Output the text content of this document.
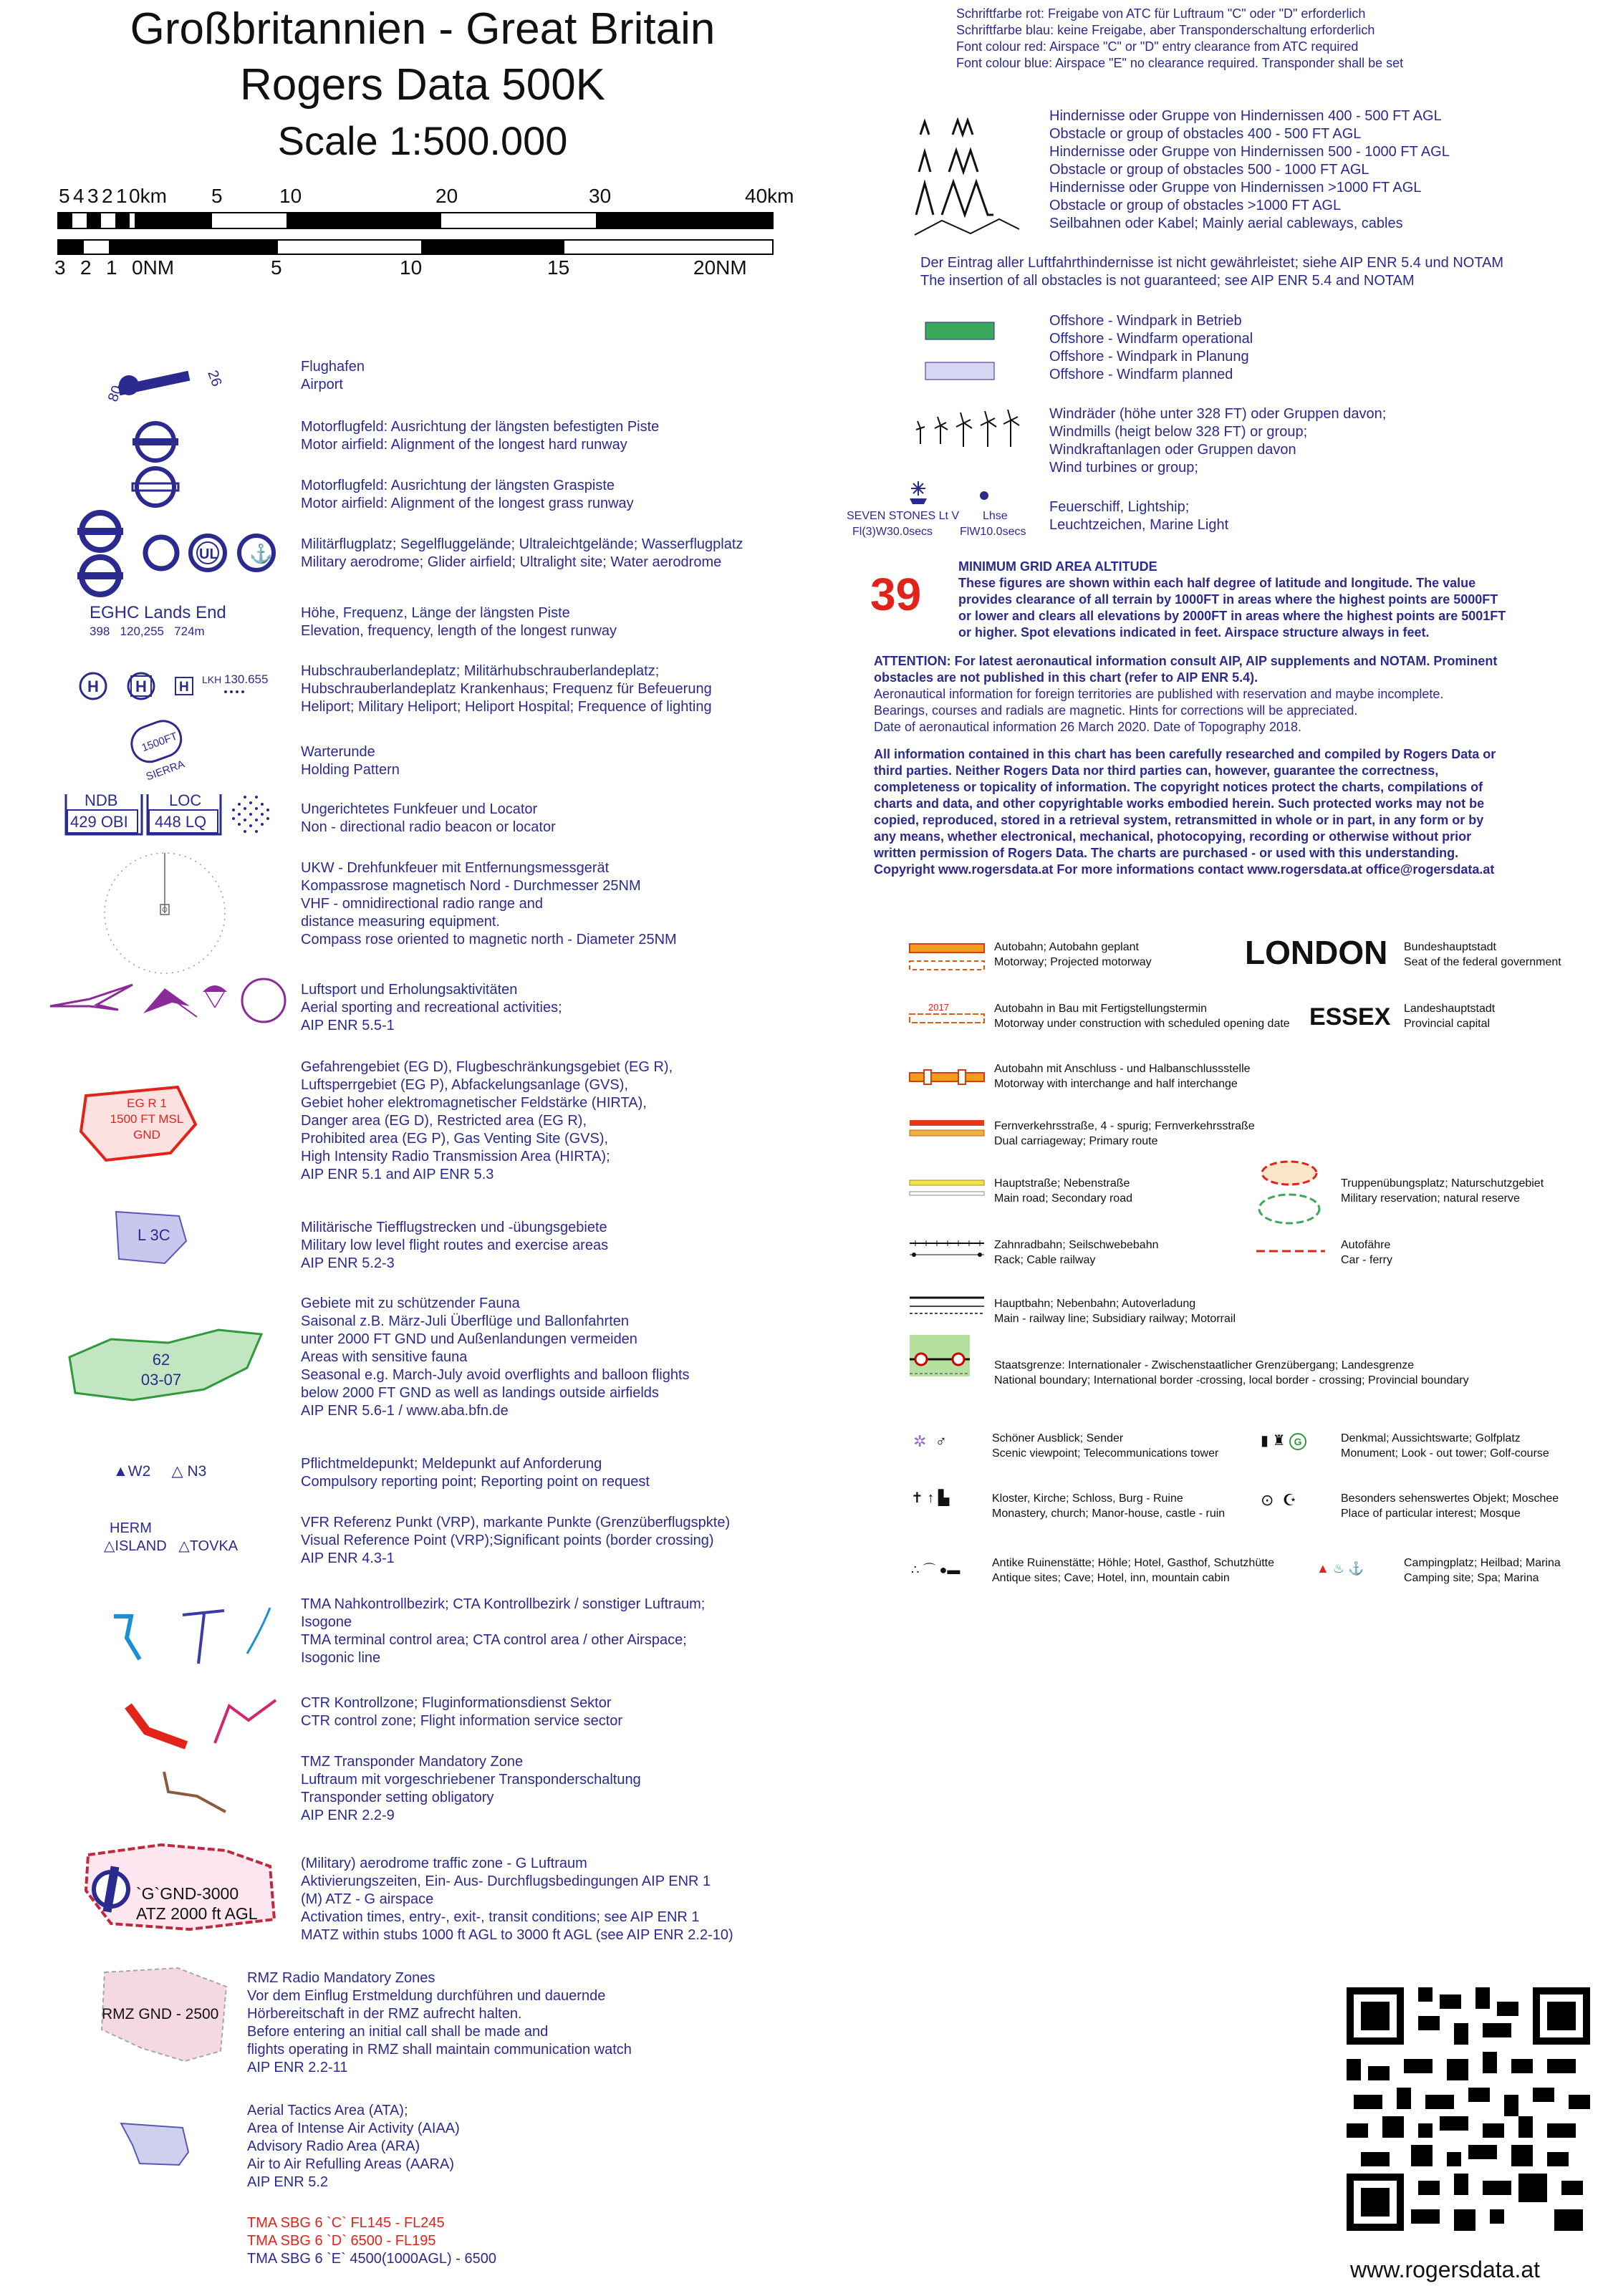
Großbritannien - Great Britain
Rogers Data 500K
Scale 1:500.000
5 4 3 2 1 0km 5	10	20	30	40km
3 2 1 0NM	5	10	15	20NM
80
26
Flughafen
Airport
Motorflugfeld: Ausrichtung der längsten befestigten Piste
Motor airfield: Alignment of the longest hard runway
Motorflugfeld: Ausrichtung der längsten Graspiste
Motor airfield: Alignment of the longest grass runway
UL ⚓ Militärflugplatz; Segelfluggelände; Ultraleichtgelände; Wasserflugplatz
Military aerodrome; Glider airfield; Ultralight site; Water aerodrome
EGHC Lands End
398 120,255 724m
Höhe, Frequenz, Länge der längsten Piste
Elevation, frequency, length of the longest runway
H H H LKH 130.655
Hubschrauberlandeplatz; Militärhubschrauberlandeplatz;
Hubschrauberlandeplatz Krankenhaus; Frequenz für Befeuerung
Heliport; Military Heliport; Heliport Hospital; Frequence of lighting
1500FT
SIERRA
Warterunde
Holding Pattern
NDB
429 OBI
LOC
448 LQ
Ungerichtetes Funkfeuer und Locator
Non - directional radio beacon or locator
UKW - Drehfunkfeuer mit Entfernungsmessgerät
Kompassrose magnetisch Nord - Durchmesser 25NM
VHF - omnidirectional radio range and
distance measuring equipment.
Compass rose oriented to magnetic north - Diameter 25NM
Luftsport und Erholungsaktivitäten
Aerial sporting and recreational activities;
AIP ENR 5.5-1
EG R 1
1500 FT MSL
GND
Gefahrengebiet (EG D), Flugbeschränkungsgebiet (EG R),
Luftsperrgebiet (EG P), Abfackelungsanlage (GVS),
Gebiet hoher elektromagnetischer Feldstärke (HIRTA),
Danger area (EG D), Restricted area (EG R),
Prohibited area (EG P), Gas Venting Site (GVS),
High Intensity Radio Transmission Area (HIRTA);
AIP ENR 5.1 and AIP ENR 5.3
L 3C	Militärische Tiefflugstrecken und -übungsgebiete
Military low level flight routes and exercise areas
AIP ENR 5.2-3
62
03-07
Gebiete mit zu schützender Fauna
Saisonal z.B. März-Juli Überflüge und Ballonfahrten
unter 2000 FT GND und Außenlandungen vermeiden
Areas with sensitive fauna
Seasonal e.g. March-July avoid overflights and balloon flights
below 2000 FT GND as well as landings outside airfields
AIP ENR 5.6-1 / www.aba.bfn.de
▲W2 △ N3	Pflichtmeldepunkt; Meldepunkt auf Anforderung
Compulsory reporting point; Reporting point on request
HERM
△ISLAND △TOVKA
VFR Referenz Punkt (VRP), markante Punkte (Grenzüberflugspkte)
Visual Reference Point (VRP);Significant points (border crossing)
AIP ENR 4.3-1
TMA Nahkontrollbezirk; CTA Kontrollbezirk / sonstiger Luftraum;
Isogone
TMA terminal control area; CTA control area / other Airspace;
Isogonic line
CTR Kontrollzone; Fluginformationsdienst Sektor
CTR control zone; Flight information service sector
TMZ Transponder Mandatory Zone
Luftraum mit vorgeschriebener Transponderschaltung
Transponder setting obligatory
AIP ENR 2.2-9
`G`GND-3000
ATZ 2000 ft AGL
(Military) aerodrome traffic zone - G Luftraum
Aktivierungszeiten, Ein- Aus- Durchflugsbedingungen AIP ENR 1
(M) ATZ - G airspace
Activation times, entry-, exit-, transit conditions; see AIP ENR 1
MATZ within stubs 1000 ft AGL to 3000 ft AGL (see AIP ENR 2.2-10)
RMZ GND - 2500
RMZ Radio Mandatory Zones
Vor dem Einflug Erstmeldung durchführen und dauernde
Hörbereitschaft in der RMZ aufrecht halten.
Before entering an initial call shall be made and
flights operating in RMZ shall maintain communication watch
AIP ENR 2.2-11
Aerial Tactics Area (ATA);
Area of Intense Air Activity (AIAA)
Advisory Radio Area (ARA)
Air to Air Refulling Areas (AARA)
AIP ENR 5.2
TMA SBG 6 `C` FL145 - FL245
TMA SBG 6 `D` 6500 - FL195
TMA SBG 6 `E` 4500(1000AGL) - 6500
Schriftfarbe rot: Freigabe von ATC für Luftraum "C" oder "D" erforderlich
Schriftfarbe blau: keine Freigabe, aber Transponderschaltung erforderlich
Font colour red: Airspace "C" or "D" entry clearance from ATC required
Font colour blue: Airspace "E" no clearance required. Transponder shall be set
Hindernisse oder Gruppe von Hindernissen 400 - 500 FT AGL
Obstacle or group of obstacles 400 - 500 FT AGL
Hindernisse oder Gruppe von Hindernissen 500 - 1000 FT AGL
Obstacle or group of obstacles 500 - 1000 FT AGL
Hindernisse oder Gruppe von Hindernissen >1000 FT AGL
Obstacle or group of obstacles >1000 FT AGL
Seilbahnen oder Kabel; Mainly aerial cableways, cables
Der Eintrag aller Luftfahrthindernisse ist nicht gewährleistet; siehe AIP ENR 5.4 und NOTAM
The insertion of all obstacles is not guaranteed; see AIP ENR 5.4 and NOTAM
Offshore - Windpark in Betrieb
Offshore - Windfarm operational
Offshore - Windpark in Planung
Offshore - Windfarm planned
Windräder (höhe unter 328 FT) oder Gruppen davon;
Windmills (heigt below 328 FT) or group;
Windkraftanlagen oder Gruppen davon
Wind turbines or group;
SEVEN STONES Lt V
Fl(3)W30.0secs
Lhse
FlW10.0secs
Feuerschiff, Lightship;
Leuchtzeichen, Marine Light
39
MINIMUM GRID AREA ALTITUDE
These figures are shown within each half degree of latitude and longitude. The value
provides clearance of all terrain by 1000FT in areas where the highest points are 5000FT
or lower and clears all elevations by 2000FT in areas where the highest points are 5001FT
or higher. Spot elevations indicated in feet. Airspace structure always in feet.
ATTENTION: For latest aeronautical information consult AIP, AIP supplements and NOTAM. Prominent
obstacles are not published in this chart (refer to AIP ENR 5.4).
Aeronautical information for foreign territories are published with reservation and maybe incomplete.
Bearings, courses and radials are magnetic. Hints for corrections will be appreciated.
Date of aeronautical information 26 March 2020. Date of Topography 2018.
All information contained in this chart has been carefully researched and compiled by Rogers Data or
third parties. Neither Rogers Data nor third parties can, however, guarantee the correctness,
completeness or topicality of information. The copyright notices protect the charts, compilations of
charts and data, and other copyrightable works embodied herein. Such protected works may not be
copied, reproduced, stored in a retrieval system, retransmitted in whole or in part, in any form or by
any means, whether electronical, mechanical, photocopying, recording or otherwise without prior
written permission of Rogers Data. The charts are purchased - or used with this understanding.
Copyright www.rogersdata.at For more informations contact www.rogersdata.at office@rogersdata.at
Autobahn; Autobahn geplant
Motorway; Projected motorway
2017	Autobahn in Bau mit Fertigstellungstermin
Motorway under construction with scheduled opening date
Autobahn mit Anschluss - und Halbanschlussstelle
Motorway with interchange and half interchange
Fernverkehrsstraße, 4 - spurig; Fernverkehrsstraße
Dual carriageway; Primary route
Hauptstraße; Nebenstraße
Main road; Secondary road
Zahnradbahn; Seilschwebebahn
Rack; Cable railway
Hauptbahn; Nebenbahn; Autoverladung
Main - railway line; Subsidiary railway; Motorrail
Staatsgrenze: Internationaler - Zwischenstaatlicher Grenzübergang; Landesgrenze
National boundary; International border -crossing, local border - crossing; Provincial boundary
✲ ♂	Schöner Ausblick; Sender
Scenic viewpoint; Telecommunications tower
✝ ↑ ▙	Kloster, Kirche; Schloss, Burg - Ruine
Monastery, church; Manor-house, castle - ruin
∴ ⌒ ●▬	Antike Ruinenstätte; Höhle; Hotel, Gasthof, Schutzhütte
Antique sites; Cave; Hotel, inn, mountain cabin
LONDON Bundeshauptstadt
Seat of the federal government
ESSEX Landeshauptstadt
Provincial capital
Truppenübungsplatz; Naturschutzgebiet
Military reservation; natural reserve
Autofähre
Car - ferry
▮ ♜ G	Denkmal; Aussichtswarte; Golfplatz
Monument; Look - out tower; Golf-course
⊙ ☪	Besonders sehenswertes Objekt; Moschee
Place of particular interest; Mosque
▲ ♨ ⚓	Campingplatz; Heilbad; Marina
Camping site; Spa; Marina
www.rogersdata.at
